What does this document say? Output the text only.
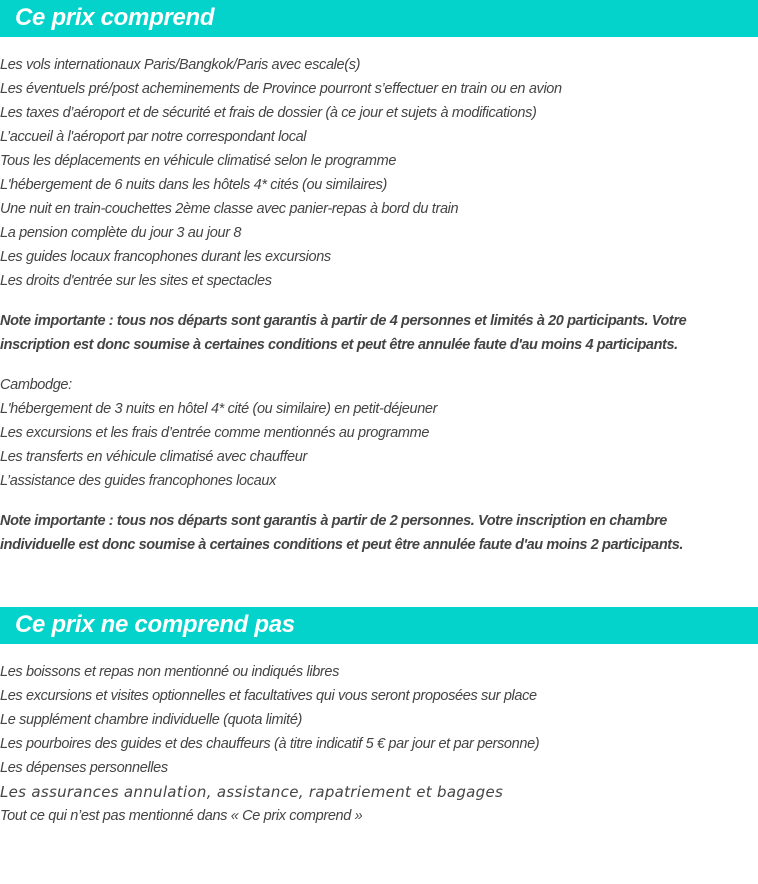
Ce prix comprend
Les vols internationaux Paris/Bangkok/Paris avec escale(s)
Les éventuels pré/post acheminements de Province pourront s’effectuer en train ou en avion
Les taxes d’aéroport et de sécurité et frais de dossier (à ce jour et sujets à modifications)
L’accueil à l'aéroport par notre correspondant local
Tous les déplacements en véhicule climatisé selon le programme
L'hébergement de 6 nuits dans les hôtels 4* cités (ou similaires)
Une nuit en train-couchettes 2ème classe avec panier-repas à bord du train
La pension complète du jour 3 au jour 8
Les guides locaux francophones durant les excursions
Les droits d'entrée sur les sites et spectacles

Note importante : tous nos départs sont garantis à partir de 4 personnes et limités à 20 participants. Votre inscription est donc soumise à certaines conditions et peut être annulée faute d'au moins 4 participants.

Cambodge:

L'hébergement de 3 nuits en hôtel 4* cité (ou similaire) en petit-déjeuner
Les excursions et les frais d’entrée comme mentionnés au programme
Les transferts en véhicule climatisé avec chauffeur
L’assistance des guides francophones locaux

Note importante : tous nos départs sont garantis à partir de 2 personnes. Votre inscription en chambre individuelle est donc soumise à certaines conditions et peut être annulée faute d'au moins 2 participants.

Ce prix ne comprend pas
Les boissons et repas non mentionné ou indiqués libres
Les excursions et visites optionnelles et facultatives qui vous seront proposées sur place
Le supplément chambre individuelle (quota limité)
Les pourboires des guides et des chauffeurs (à titre indicatif 5 € par jour et par personne)
Les dépenses personnelles
Les assurances annulation, assistance, rapatriement et bagages
Tout ce qui n’est pas mentionné dans « Ce prix comprend »
